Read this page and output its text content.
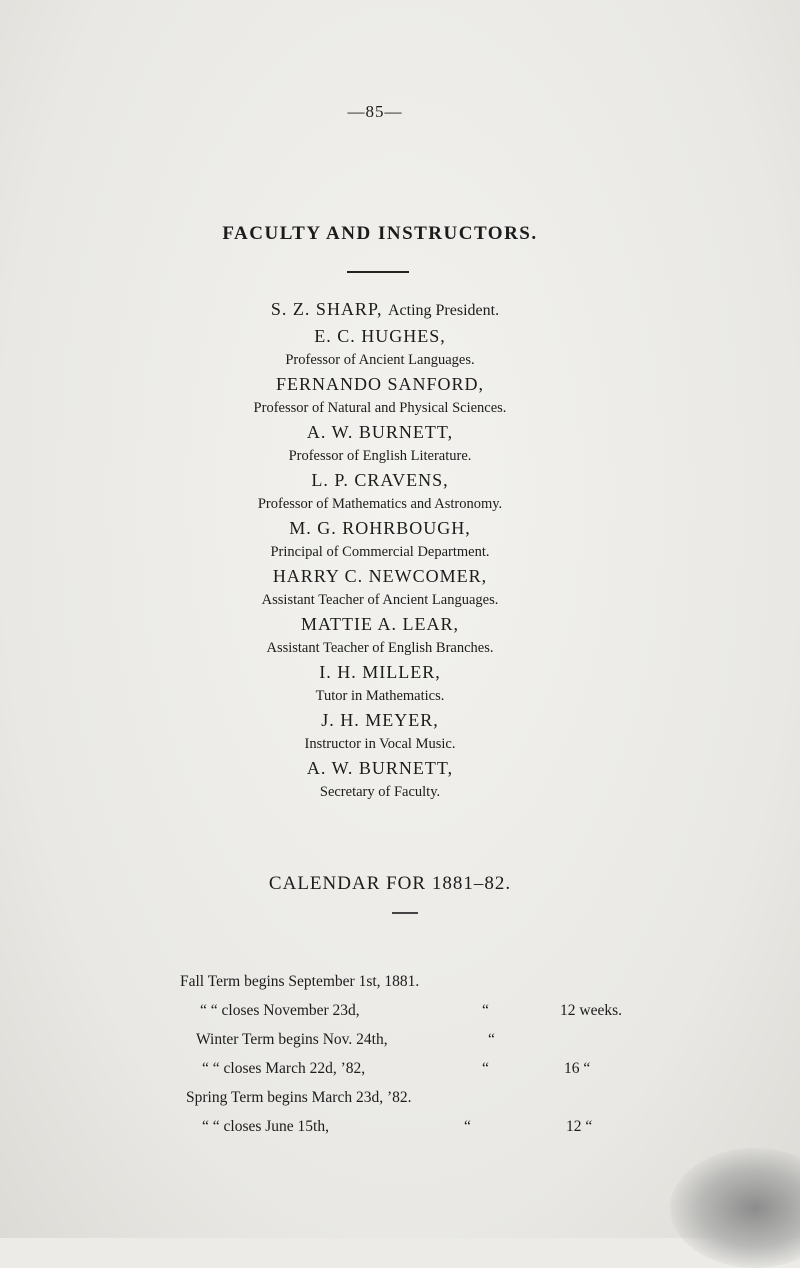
—85—
FACULTY AND INSTRUCTORS.
S. Z. SHARP, Acting President.
E. C. HUGHES,
Professor of Ancient Languages.
FERNANDO SANFORD,
Professor of Natural and Physical Sciences.
A. W. BURNETT,
Professor of English Literature.
L. P. CRAVENS,
Professor of Mathematics and Astronomy.
M. G. ROHRBOUGH,
Principal of Commercial Department.
HARRY C. NEWCOMER,
Assistant Teacher of Ancient Languages.
MATTIE A. LEAR,
Assistant Teacher of English Branches.
I. H. MILLER,
Tutor in Mathematics.
J. H. MEYER,
Instructor in Vocal Music.
A. W. BURNETT,
Secretary of Faculty.
CALENDAR FOR 1881–82.
Fall Term begins September 1st, 1881.
“ “ closes November 23d,	“	12 weeks.
Winter Term begins Nov. 24th,	“
“ “ closes March 22d, ’82,	“	16 “
Spring Term begins March 23d, ’82.
“ “ closes June 15th,	“	12 “
